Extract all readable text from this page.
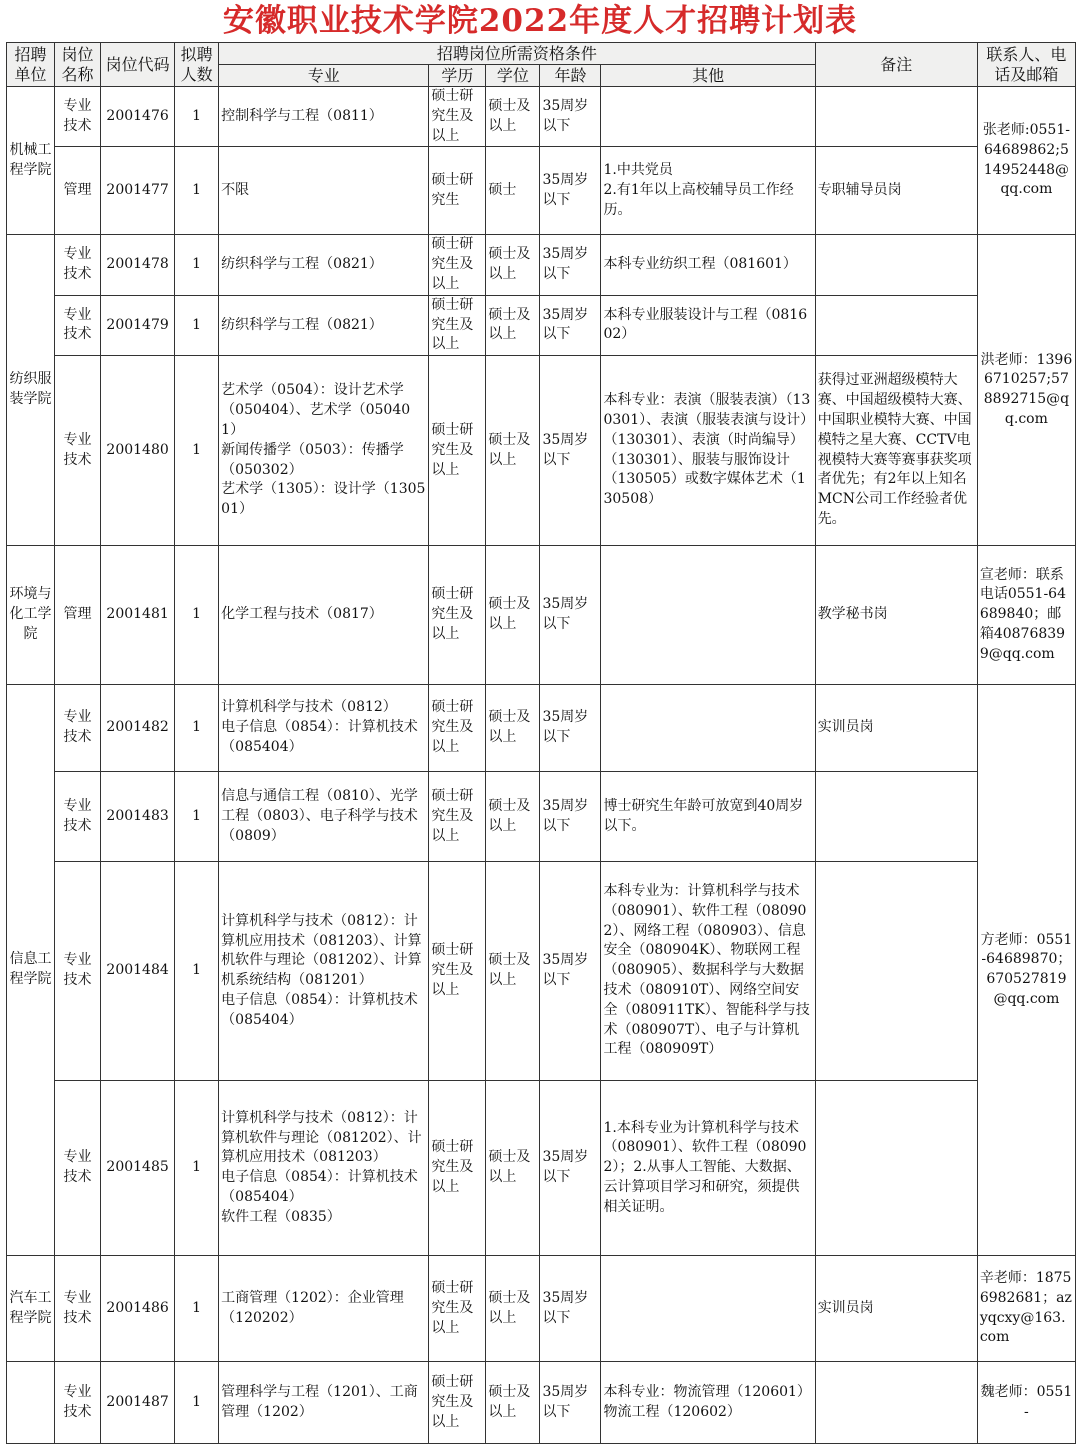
安徽职业技术学院2022年度人才招聘计划表
招聘单位	岗位名称	岗位代码	拟聘人数	招聘岗位所需资格条件					备注	联系人、电话及邮箱
				专业	学历	学位	年龄	其他		
机械工程学院	专业技术	2001476	1	控制科学与工程（0811）	硕士研究生及以上	硕士及以上	35周岁以下			张老师:0551-64689862;514952448@qq.com
	管理	2001477	1	不限	硕士研究生	硕士	35周岁以下	1.中共党员
2.有1年以上高校辅导员工作经历。	专职辅导员岗	
纺织服装学院	专业技术	2001478	1	纺织科学与工程（0821）	硕士研究生及以上	硕士及以上	35周岁以下	本科专业纺织工程（081601）		洪老师：13966710257;578892715@qq.com
	专业技术	2001479	1	纺织科学与工程（0821）	硕士研究生及以上	硕士及以上	35周岁以下	本科专业服装设计与工程（081602）		
	专业技术	2001480	1	艺术学（0504）：设计艺术学（050404）、艺术学（050401）
新闻传播学（0503）：传播学（050302）
艺术学（1305）：设计学（130501）	硕士研究生及以上	硕士及以上	35周岁以下	本科专业：表演（服装表演）（130301）、表演（服装表演与设计）（130301）、表演（时尚编导）（130301）、服装与服饰设计（130505）或数字媒体艺术（130508）	获得过亚洲超级模特大赛、中国超级模特大赛、中国职业模特大赛、中国模特之星大赛、CCTV电视模特大赛等赛事获奖项者优先；有2年以上知名MCN公司工作经验者优先。	
环境与化工学院	管理	2001481	1	化学工程与技术（0817）	硕士研究生及以上	硕士及以上	35周岁以下		教学秘书岗	宣老师：联系电话0551-64689840；邮箱408768399@qq.com
信息工程学院	专业技术	2001482	1	计算机科学与技术（0812）
电子信息（0854）：计算机技术（085404）	硕士研究生及以上	硕士及以上	35周岁以下		实训员岗	方老师：0551-64689870；670527819@qq.com
	专业技术	2001483	1	信息与通信工程（0810）、光学工程（0803）、电子科学与技术（0809）	硕士研究生及以上	硕士及以上	35周岁以下	博士研究生年龄可放宽到40周岁以下。		
	专业技术	2001484	1	计算机科学与技术（0812）：计算机应用技术（081203）、计算机软件与理论（081202）、计算机系统结构（081201）
电子信息（0854）：计算机技术（085404）	硕士研究生及以上	硕士及以上	35周岁以下	本科专业为：计算机科学与技术（080901）、软件工程（080902）、网络工程（080903）、信息安全（080904K）、物联网工程（080905）、数据科学与大数据技术（080910T）、网络空间安全（080911TK）、智能科学与技术（080907T）、电子与计算机工程（080909T）		
	专业技术	2001485	1	计算机科学与技术（0812）：计算机软件与理论（081202）、计算机应用技术（081203）
电子信息（0854）：计算机技术（085404）
软件工程（0835）	硕士研究生及以上	硕士及以上	35周岁以下	1.本科专业为计算机科学与技术（080901）、软件工程（080902）；2.从事人工智能、大数据、云计算项目学习和研究，须提供相关证明。		
汽车工程学院	专业技术	2001486	1	工商管理（1202）：企业管理（120202）	硕士研究生及以上	硕士及以上	35周岁以下		实训员岗	辛老师：18756982681；azyqcxy@163.com
	专业技术	2001487	1	管理科学与工程（1201）、工商管理（1202）	硕士研究生及以上	硕士及以上	35周岁以下	本科专业：物流管理（120601）
物流工程（120602）		魏老师：0551-
